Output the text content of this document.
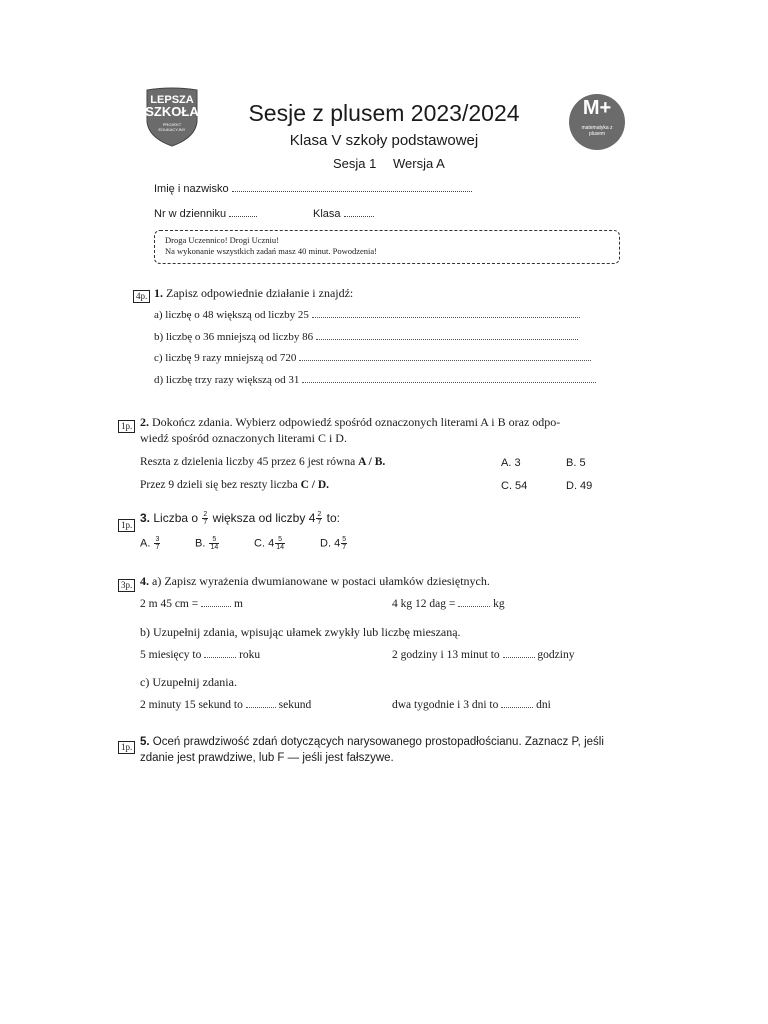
LEPSZA
SZKOŁA
PROJEKT EDUKACYJNY
M+
matematyka z plusem
Sesje z plusem 2023/2024
Klasa V szkoły podstawowej
Sesja 1 Wersja A
Imię i nazwisko
Nr w dzienniku	Klasa
Droga Uczennico! Drogi Uczniu!
Na wykonanie wszystkich zadań masz 40 minut. Powodzenia!
4p. 1. Zapisz odpowiednie działanie i znajdź:
a) liczbę o 48 większą od liczby 25
b) liczbę o 36 mniejszą od liczby 86
c) liczbę 9 razy mniejszą od 720
d) liczbę trzy razy większą od 31
1p. 2. Dokończ zdania. Wybierz odpowiedź spośród oznaczonych literami A i B oraz odpo-
wiedź spośród oznaczonych literami C i D.
Reszta z dzielenia liczby 45 przez 6 jest równa A / B.	A. 3	B. 5
Przez 9 dzieli się bez reszty liczba C / D.	C. 54	D. 49
1p. 3. Liczba o $\frac{2}{7}$ większa od liczby $4 \frac{2}{7}$ to:
A. $\frac{3}{7}$	B. $\frac{5}{14}$	C. $4 \frac{5}{14}$	D. $4 \frac{5}{7}$
3p. 4. a) Zapisz wyrażenia dwumianowane w postaci ułamków dziesiętnych.
2 m 45 cm =	m	4 kg 12 dag =	kg
b) Uzupełnij zdania, wpisując ułamek zwykły lub liczbę mieszaną.
5 miesięcy to	roku	2 godziny i 13 minut to	godziny
c) Uzupełnij zdania.
2 minuty 15 sekund to	sekund	dwa tygodnie i 3 dni to	dni
1p. 5. Oceń prawdziwość zdań dotyczących narysowanego prostopadłościanu. Zaznacz P, jeśli
zdanie jest prawdziwe, lub F — jeśli jest fałszywe.
